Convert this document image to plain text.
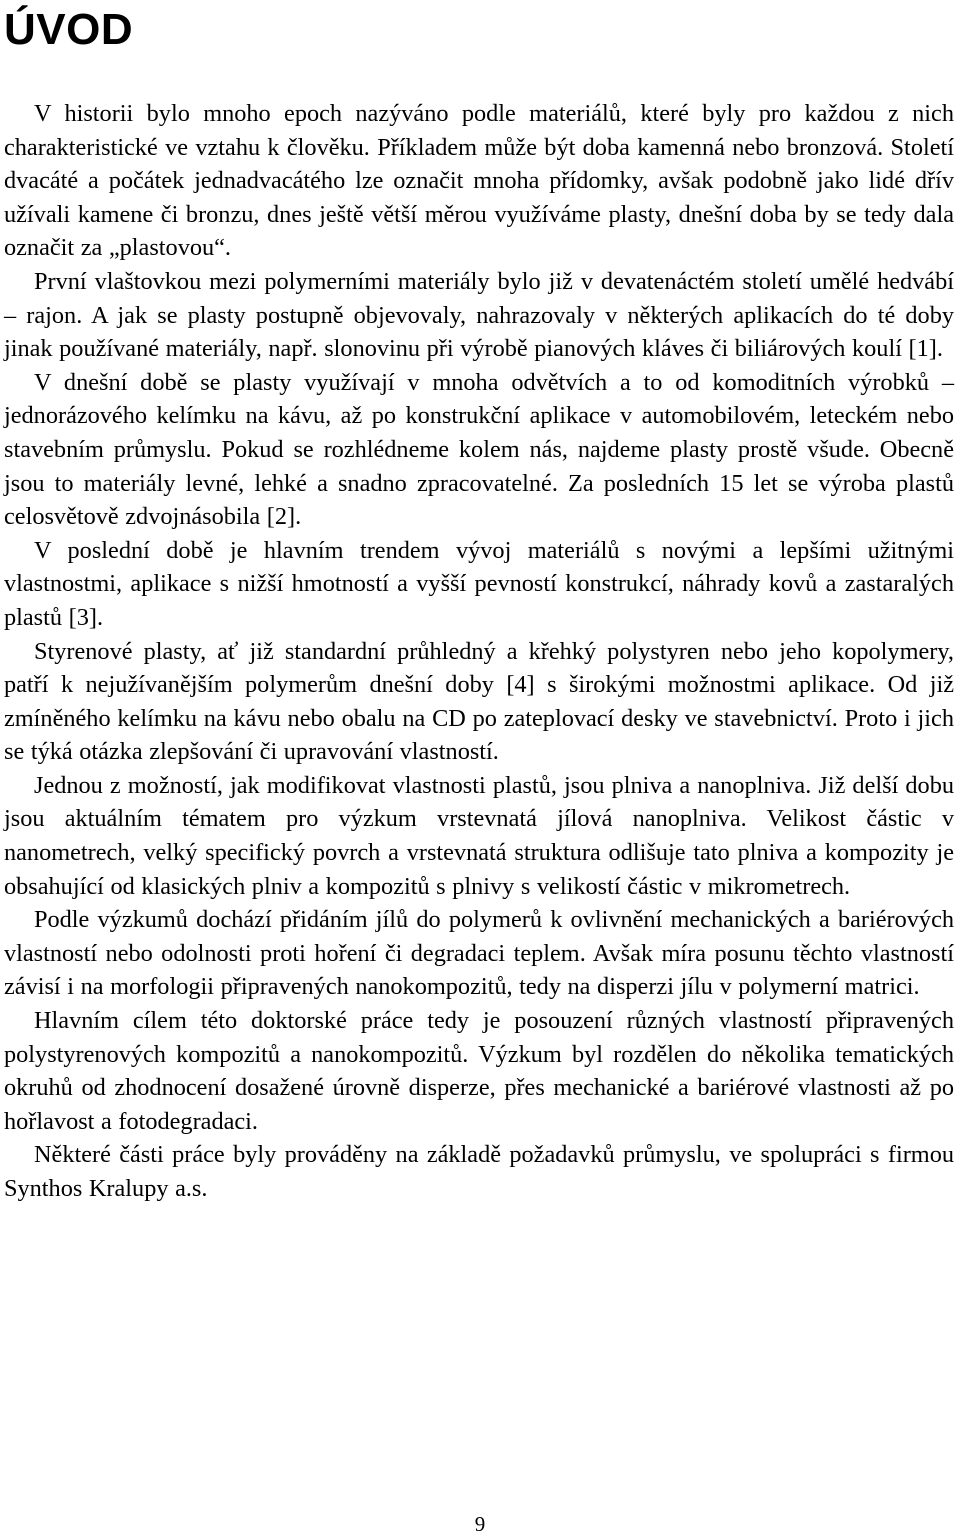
ÚVOD

V historii bylo mnoho epoch nazýváno podle materiálů, které byly pro každou z nich charakteristické ve vztahu k člověku. Příkladem může být doba kamenná nebo bronzová. Století dvacáté a počátek jednadvacátého lze označit mnoha přídomky, avšak podobně jako lidé dřív užívali kamene či bronzu, dnes ještě větší měrou využíváme plasty, dnešní doba by se tedy dala označit za „plastovou“.

První vlaštovkou mezi polymerními materiály bylo již v devatenáctém století umělé hedvábí – rajon. A jak se plasty postupně objevovaly, nahrazovaly v některých aplikacích do té doby jinak používané materiály, např. slonovinu při výrobě pianových kláves či biliárových koulí [1].

V dnešní době se plasty využívají v mnoha odvětvích a to od komoditních výrobků – jednorázového kelímku na kávu, až po konstrukční aplikace v automobilovém, leteckém nebo stavebním průmyslu. Pokud se rozhlédneme kolem nás, najdeme plasty prostě všude. Obecně jsou to materiály levné, lehké a snadno zpracovatelné. Za posledních 15 let se výroba plastů celosvětově zdvojnásobila [2].

V poslední době je hlavním trendem vývoj materiálů s novými a lepšími užitnými vlastnostmi, aplikace s nižší hmotností a vyšší pevností konstrukcí, náhrady kovů a zastaralých plastů [3].

Styrenové plasty, ať již standardní průhledný a křehký polystyren nebo jeho kopolymery, patří k nejužívanějším polymerům dnešní doby [4] s širokými možnostmi aplikace. Od již zmíněného kelímku na kávu nebo obalu na CD po zateplovací desky ve stavebnictví. Proto i jich se týká otázka zlepšování či upravování vlastností.

Jednou z možností, jak modifikovat vlastnosti plastů, jsou plniva a nanoplniva. Již delší dobu jsou aktuálním tématem pro výzkum vrstevnatá jílová nanoplniva. Velikost částic v nanometrech, velký specifický povrch a vrstevnatá struktura odlišuje tato plniva a kompozity je obsahující od klasických plniv a kompozitů s plnivy s velikostí částic v mikrometrech.

Podle výzkumů dochází přidáním jílů do polymerů k ovlivnění mechanických a bariérových vlastností nebo odolnosti proti hoření či degradaci teplem. Avšak míra posunu těchto vlastností závisí i na morfologii připravených nanokompozitů, tedy na disperzi jílu v polymerní matrici.

Hlavním cílem této doktorské práce tedy je posouzení různých vlastností připravených polystyrenových kompozitů a nanokompozitů. Výzkum byl rozdělen do několika tematických okruhů od zhodnocení dosažené úrovně disperze, přes mechanické a bariérové vlastnosti až po hořlavost a fotodegradaci.

Některé části práce byly prováděny na základě požadavků průmyslu, ve spolupráci s firmou Synthos Kralupy a.s.

9
